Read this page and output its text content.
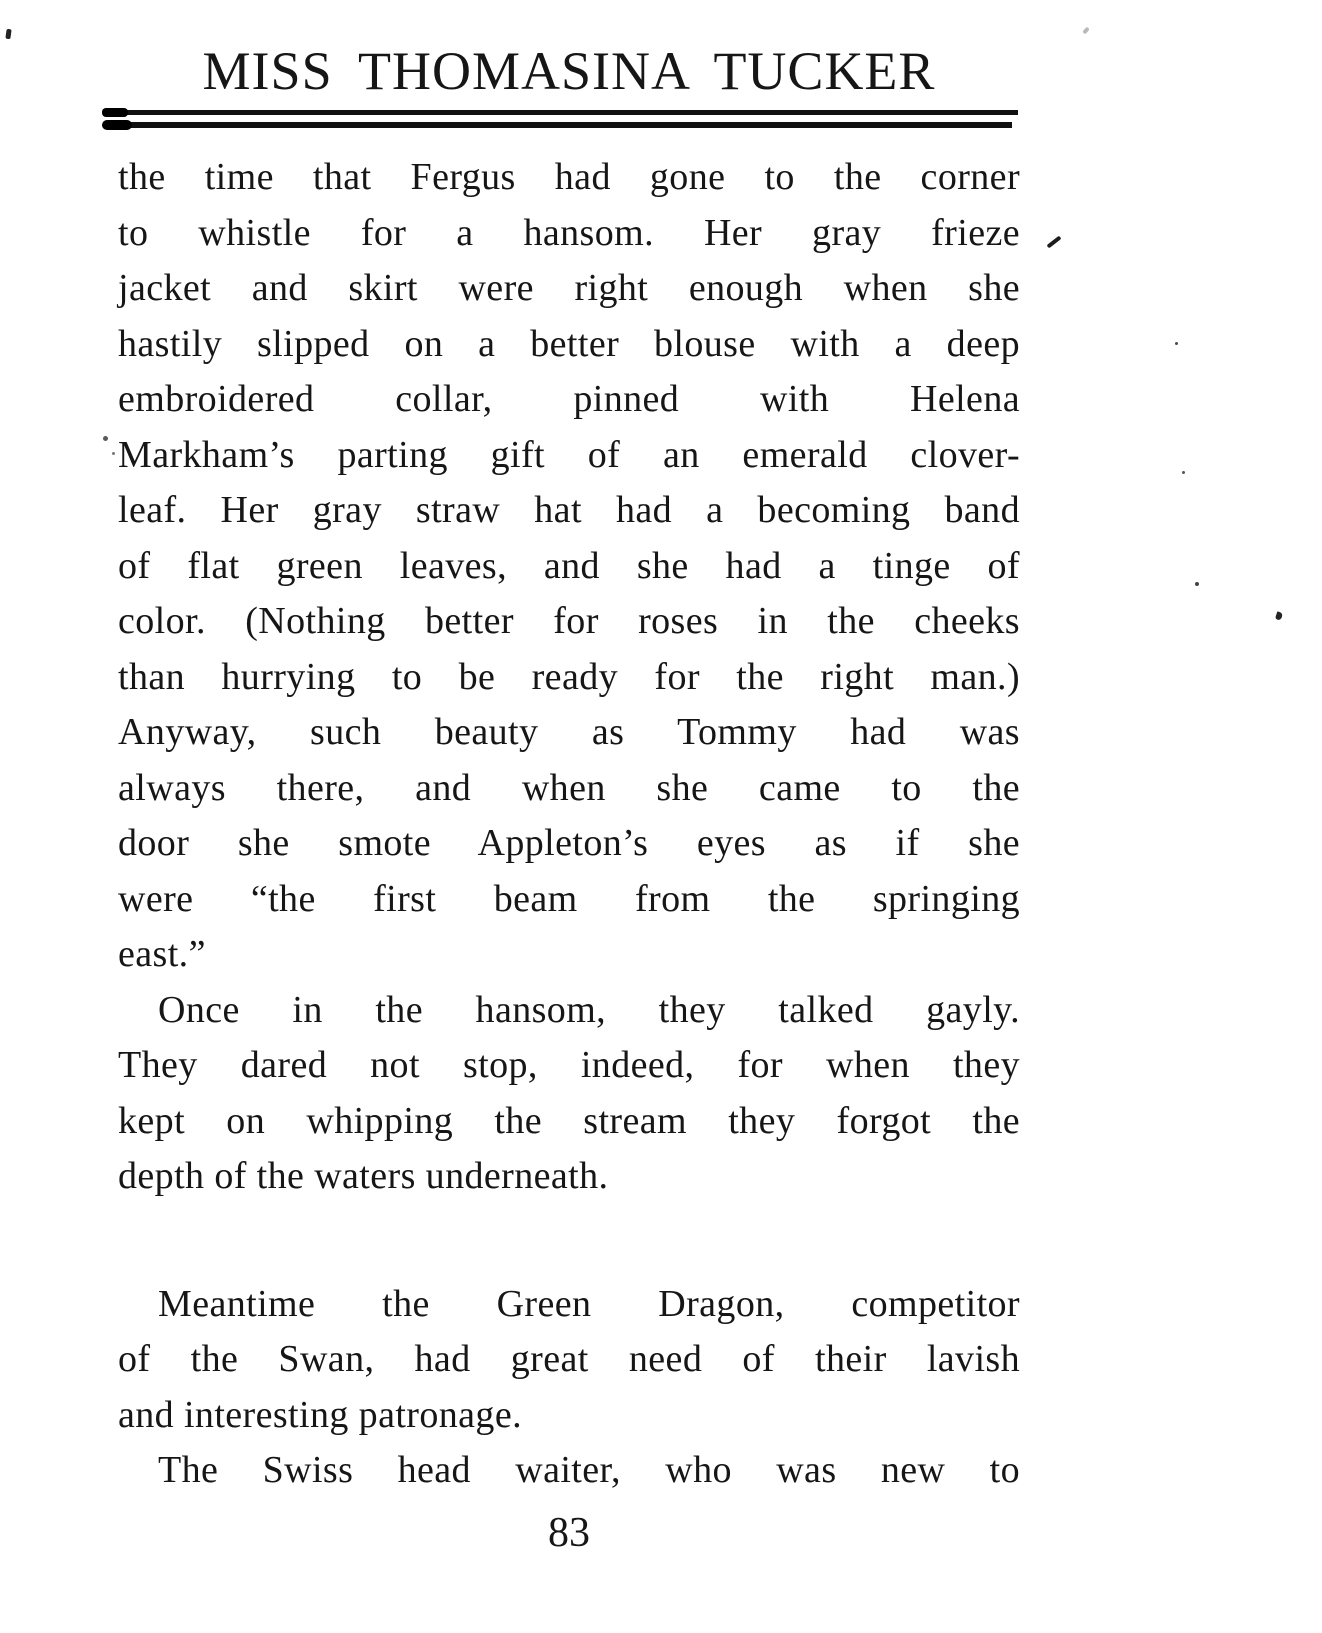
MISS THOMASINA TUCKER
the time that Fergus had gone to the corner
to whistle for a hansom. Her gray frieze
jacket and skirt were right enough when she
hastily slipped on a better blouse with a deep
embroidered collar, pinned with Helena
Markham’s parting gift of an emerald clover-
leaf. Her gray straw hat had a becoming band
of flat green leaves, and she had a tinge of
color. (Nothing better for roses in the cheeks
than hurrying to be ready for the right man.)
Anyway, such beauty as Tommy had was
always there, and when she came to the
door she smote Appleton’s eyes as if she
were “the first beam from the springing
east.”
Once in the hansom, they talked gayly.
They dared not stop, indeed, for when they
kept on whipping the stream they forgot the
depth of the waters underneath.
Meantime the Green Dragon, competitor
of the Swan, had great need of their lavish
and interesting patronage.
The Swiss head waiter, who was new to
83
